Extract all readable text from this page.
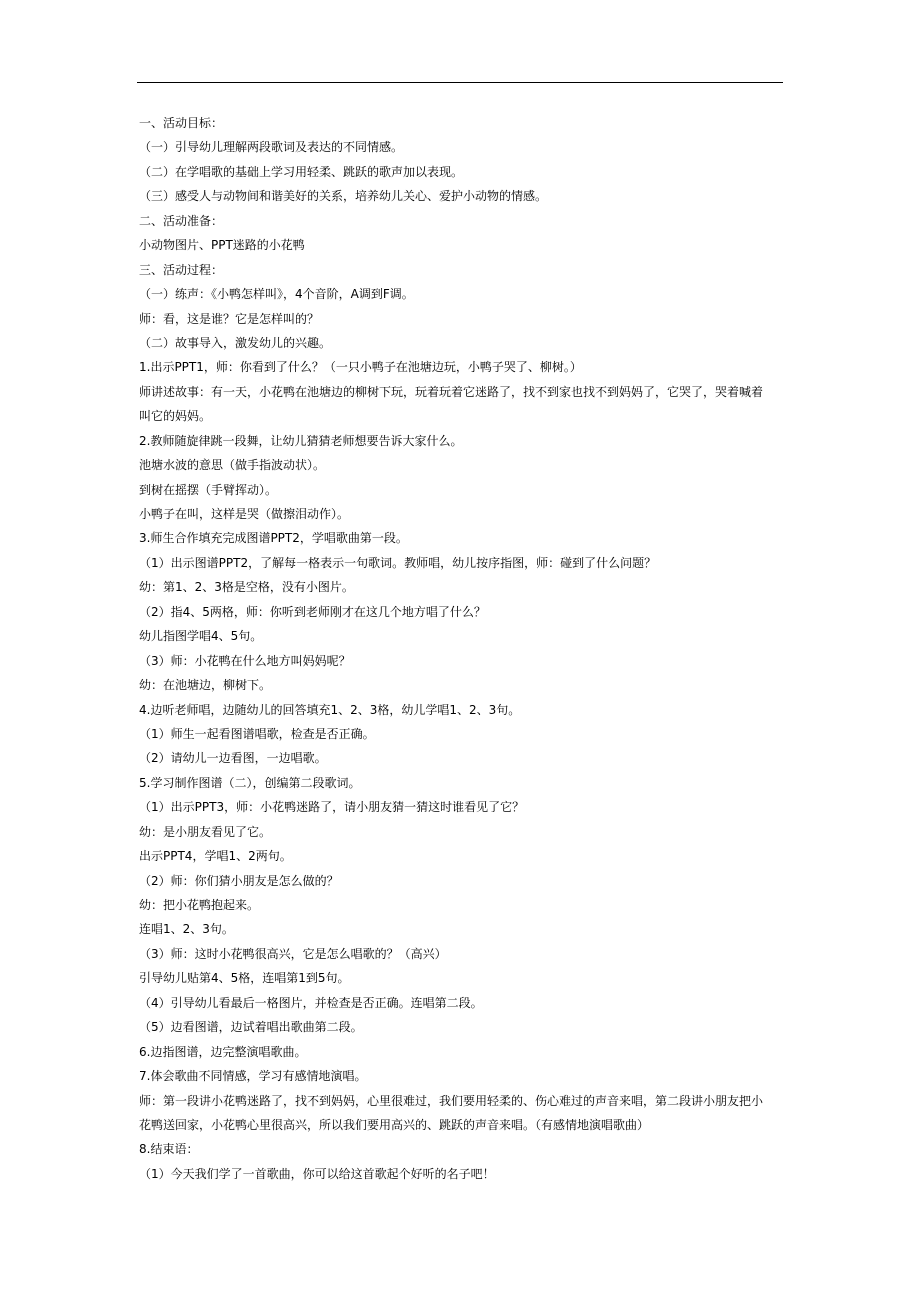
一、活动目标：
（一）引导幼儿理解两段歌词及表达的不同情感。
（二）在学唱歌的基础上学习用轻柔、跳跃的歌声加以表现。
（三）感受人与动物间和谐美好的关系，培养幼儿关心、爱护小动物的情感。
二、活动准备：
小动物图片、PPT迷路的小花鸭
三、活动过程：
（一）练声：《小鸭怎样叫》，4个音阶，A调到F调。
师：看，这是谁？它是怎样叫的？
（二）故事导入，激发幼儿的兴趣。
1.出示PPT1，师：你看到了什么？（一只小鸭子在池塘边玩，小鸭子哭了、柳树。）
师讲述故事：有一天，小花鸭在池塘边的柳树下玩，玩着玩着它迷路了，找不到家也找不到妈妈了，它哭了，哭着喊着
叫它的妈妈。
2.教师随旋律跳一段舞，让幼儿猜猜老师想要告诉大家什么。
池塘水波的意思（做手指波动状）。
到树在摇摆（手臂挥动）。
小鸭子在叫，这样是哭（做擦泪动作）。
3.师生合作填充完成图谱PPT2，学唱歌曲第一段。
（1）出示图谱PPT2，了解每一格表示一句歌词。教师唱，幼儿按序指图，师：碰到了什么问题？
幼：第1、2、3格是空格，没有小图片。
（2）指4、5两格，师：你听到老师刚才在这几个地方唱了什么？
幼儿指图学唱4、5句。
（3）师：小花鸭在什么地方叫妈妈呢？
幼：在池塘边，柳树下。
4.边听老师唱，边随幼儿的回答填充1、2、3格，幼儿学唱1、2、3句。
（1）师生一起看图谱唱歌，检查是否正确。
（2）请幼儿一边看图，一边唱歌。
5.学习制作图谱（二），创编第二段歌词。
（1）出示PPT3，师：小花鸭迷路了，请小朋友猜一猜这时谁看见了它？
幼：是小朋友看见了它。
出示PPT4，学唱1、2两句。
（2）师：你们猜小朋友是怎么做的？
幼：把小花鸭抱起来。
连唱1、2、3句。
（3）师：这时小花鸭很高兴，它是怎么唱歌的？（高兴）
引导幼儿贴第4、5格，连唱第1到5句。
（4）引导幼儿看最后一格图片，并检查是否正确。连唱第二段。
（5）边看图谱，边试着唱出歌曲第二段。
6.边指图谱，边完整演唱歌曲。
7.体会歌曲不同情感，学习有感情地演唱。
师：第一段讲小花鸭迷路了，找不到妈妈，心里很难过，我们要用轻柔的、伤心难过的声音来唱，第二段讲小朋友把小
花鸭送回家，小花鸭心里很高兴，所以我们要用高兴的、跳跃的声音来唱。（有感情地演唱歌曲）
8.结束语：
（1）今天我们学了一首歌曲，你可以给这首歌起个好听的名子吧！
